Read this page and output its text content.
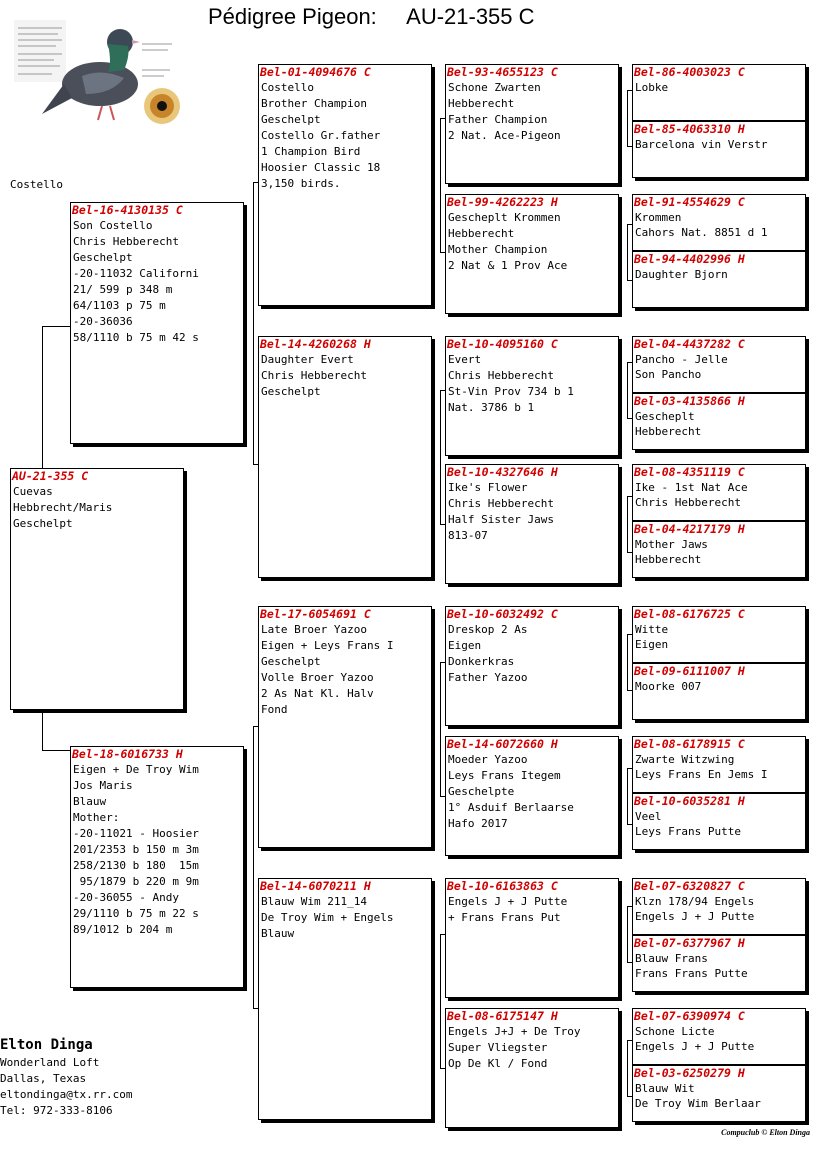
Pédigree Pigeon:     AU-21-355 C
Costello
AU-21-355 C
Cuevas
Hebbrecht/Maris
Geschelpt
Bel-16-4130135 C
Son Costello
Chris Hebberecht
Geschelpt
-20-11032 Californi
21/ 599 p 348 m
64/1103 p 75 m
-20-36036
58/1110 b 75 m 42 s
Bel-18-6016733 H
Eigen + De Troy Wim
Jos Maris
Blauw
Mother:
-20-11021 - Hoosier
201/2353 b 150 m 3m
258/2130 b 180  15m
95/1879 b 220 m 9m
-20-36055 - Andy
29/1110 b 75 m 22 s
89/1012 b 204 m
Bel-01-4094676 C
Costello
Brother Champion
Geschelpt
Costello Gr.father
1 Champion Bird
Hoosier Classic 18
3,150 birds.
Bel-14-4260268 H
Daughter Evert
Chris Hebberecht
Geschelpt
Bel-17-6054691 C
Late Broer Yazoo
Eigen + Leys Frans I
Geschelpt
Volle Broer Yazoo
2 As Nat Kl. Halv
Fond
Bel-14-6070211 H
Blauw Wim 211_14
De Troy Wim + Engels
Blauw
Bel-93-4655123 C
Schone Zwarten
Hebberecht
Father Champion
2 Nat. Ace-Pigeon
Bel-99-4262223 H
Gescheplt Krommen
Hebberecht
Mother Champion
2 Nat & 1 Prov Ace
Bel-10-4095160 C
Evert
Chris Hebberecht
St-Vin Prov 734 b 1
Nat. 3786 b 1
Bel-10-4327646 H
Ike's Flower
Chris Hebberecht
Half Sister Jaws
813-07
Bel-10-6032492 C
Dreskop 2 As
Eigen
Donkerkras
Father Yazoo
Bel-14-6072660 H
Moeder Yazoo
Leys Frans Itegem
Geschelpte
1° Asduif Berlaarse
Hafo 2017
Bel-10-6163863 C
Engels J + J Putte
+ Frans Frans Put
Bel-08-6175147 H
Engels J+J + De Troy
Super Vliegster
Op De Kl / Fond
Bel-86-4003023 C
Lobke
Bel-85-4063310 H
Barcelona vin Verstr
Bel-91-4554629 C
Krommen
Cahors Nat. 8851 d 1
Bel-94-4402996 H
Daughter Bjorn
Bel-04-4437282 C
Pancho - Jelle
Son Pancho
Bel-03-4135866 H
Gescheplt
Hebberecht
Bel-08-4351119 C
Ike - 1st Nat Ace
Chris Hebberecht
Bel-04-4217179 H
Mother Jaws
Hebberecht
Bel-08-6176725 C
Witte
Eigen
Bel-09-6111007 H
Moorke 007
Bel-08-6178915 C
Zwarte Witzwing
Leys Frans En Jems I
Bel-10-6035281 H
Veel
Leys Frans Putte
Bel-07-6320827 C
Klzn 178/94 Engels
Engels J + J Putte
Bel-07-6377967 H
Blauw Frans
Frans Frans Putte
Bel-07-6390974 C
Schone Licte
Engels J + J Putte
Bel-03-6250279 H
Blauw Wit
De Troy Wim Berlaar
Elton Dinga
Wonderland Loft
Dallas, Texas
eltondinga@tx.rr.com
Tel: 972-333-8106
Compuclub © Elton Dinga
